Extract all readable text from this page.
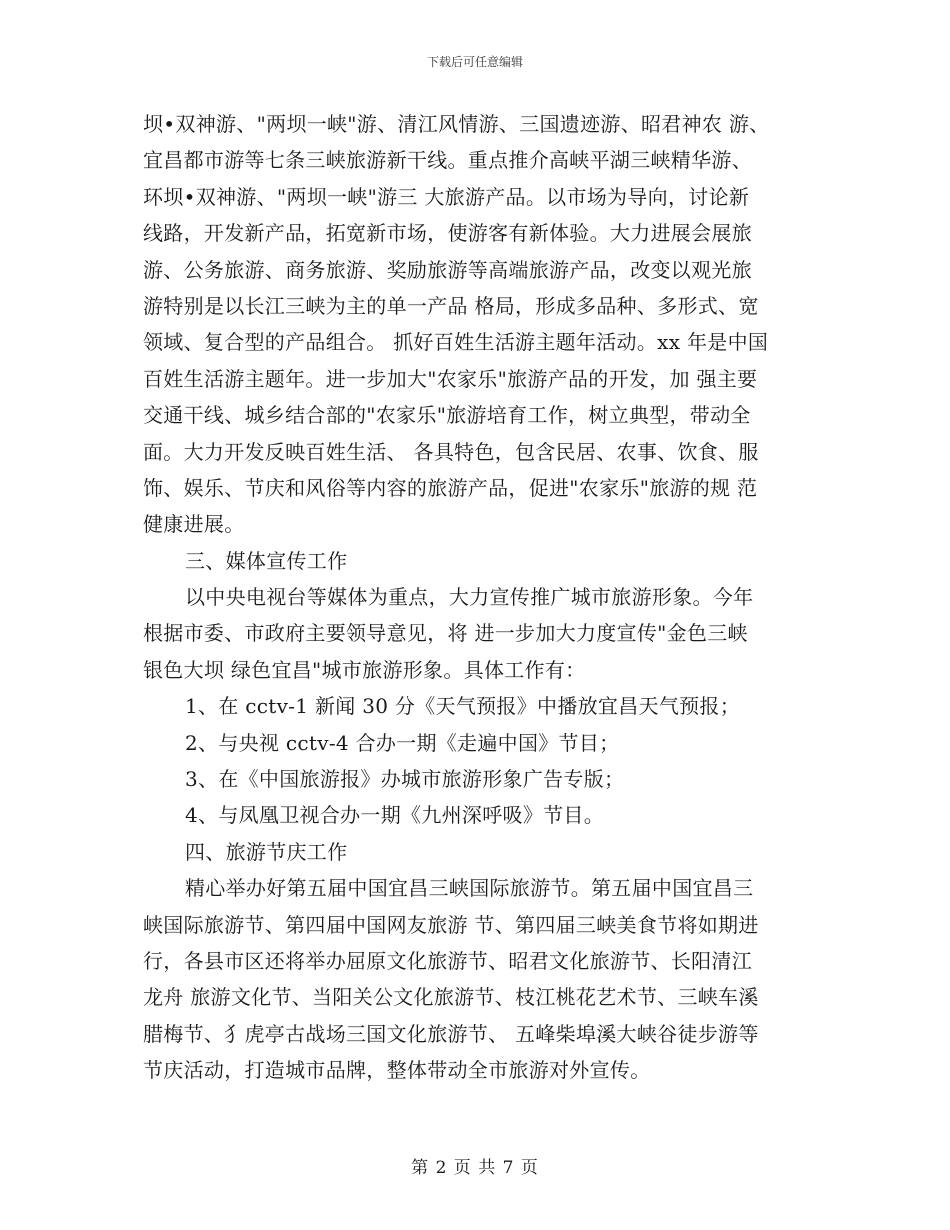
下载后可任意编辑
坝•双神游、"两坝一峡"游、清江风情游、三国遗迹游、昭君神农 游、
宜昌都市游等七条三峡旅游新干线。重点推介高峡平湖三峡精华游、
环坝•双神游、"两坝一峡"游三 大旅游产品。以市场为导向，讨论新
线路，开发新产品，拓宽新市场，使游客有新体验。大力进展会展旅
游、公务旅游、商务旅游、奖励旅游等高端旅游产品，改变以观光旅
游特别是以长江三峡为主的单一产品 格局，形成多品种、多形式、宽
领域、复合型的产品组合。 抓好百姓生活游主题年活动。xx 年是中国
百姓生活游主题年。进一步加大"农家乐"旅游产品的开发，加 强主要
交通干线、城乡结合部的"农家乐"旅游培育工作，树立典型，带动全
面。大力开发反映百姓生活、 各具特色，包含民居、农事、饮食、服
饰、娱乐、节庆和风俗等内容的旅游产品，促进"农家乐"旅游的规 范
健康进展。
三、媒体宣传工作
以中央电视台等媒体为重点，大力宣传推广城市旅游形象。今年
根据市委、市政府主要领导意见，将 进一步加大力度宣传"金色三峡
银色大坝 绿色宜昌"城市旅游形象。具体工作有：
1、在 cctv-1 新闻 30 分《天气预报》中播放宜昌天气预报；
2、与央视 cctv-4 合办一期《走遍中国》节目；
3、在《中国旅游报》办城市旅游形象广告专版；
4、与凤凰卫视合办一期《九州深呼吸》节目。
四、旅游节庆工作
精心举办好第五届中国宜昌三峡国际旅游节。第五届中国宜昌三
峡国际旅游节、第四届中国网友旅游 节、第四届三峡美食节将如期进
行，各县市区还将举办屈原文化旅游节、昭君文化旅游节、长阳清江
龙舟 旅游文化节、当阳关公文化旅游节、枝江桃花艺术节、三峡车溪
腊梅节、犭虎亭古战场三国文化旅游节、 五峰柴埠溪大峡谷徒步游等
节庆活动，打造城市品牌，整体带动全市旅游对外宣传。
第 2 页 共 7 页
